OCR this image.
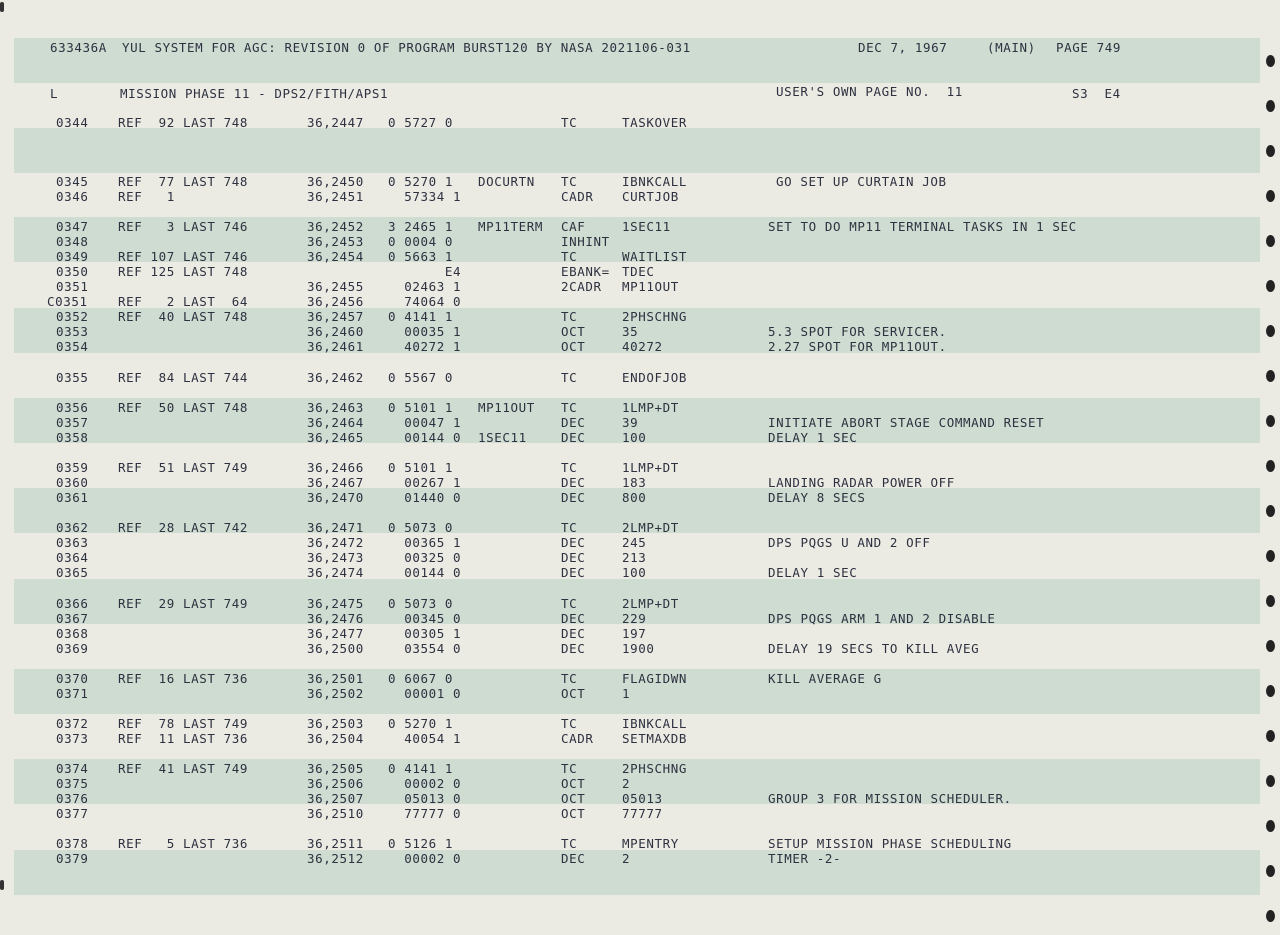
633436A YUL SYSTEM FOR AGC: REVISION 0 OF PROGRAM BURST120 BY NASA 2021106-031	DEC 7, 1967	(MAIN) PAGE 749
L	MISSION PHASE 11 - DPS2/FITH/APS1	USER'S OWN PAGE NO.  11	S3  E4
0344 REF  92 LAST 748	36,2447 0 5727 0	TC	TASKOVER
0345 REF  77 LAST 748	36,2450 0 5270 1 DOCURTN TC	IBNKCALL	GO SET UP CURTAIN JOB
0346 REF   1	36,2451 57334 1	CADR CURTJOB
0347 REF   3 LAST 746	36,2452 3 2465 1 MP11TERM CAF	1SEC11	SET TO DO MP11 TERMINAL TASKS IN 1 SEC
0348	36,2453 0 0004 0	INHINT
0349 REF 107 LAST 746	36,2454 0 5663 1	TC	WAITLIST
0350 REF 125 LAST 748	E4	EBANK= TDEC
0351	36,2455 02463 1	2CADR MP11OUT
C0351 REF   2 LAST  64	36,2456 74064 0
0352 REF  40 LAST 748	36,2457 0 4141 1	TC	2PHSCHNG
0353	36,2460 00035 1	OCT	35	5.3 SPOT FOR SERVICER.
0354	36,2461 40272 1	OCT	40272	2.27 SPOT FOR MP11OUT.
0355 REF  84 LAST 744	36,2462 0 5567 0	TC	ENDOFJOB
0356 REF  50 LAST 748	36,2463 0 5101 1 MP11OUT TC	1LMP+DT
0357	36,2464 00047 1	DEC	39	INITIATE ABORT STAGE COMMAND RESET
0358	36,2465 00144 0 1SEC11	DEC	100	DELAY 1 SEC
0359 REF  51 LAST 749	36,2466 0 5101 1	TC	1LMP+DT
0360	36,2467 00267 1	DEC	183	LANDING RADAR POWER OFF
0361	36,2470 01440 0	DEC	800	DELAY 8 SECS
0362 REF  28 LAST 742	36,2471 0 5073 0	TC	2LMP+DT
0363	36,2472 00365 1	DEC	245	DPS PQGS U AND 2 OFF
0364	36,2473 00325 0	DEC	213
0365	36,2474 00144 0	DEC	100	DELAY 1 SEC
0366 REF  29 LAST 749	36,2475 0 5073 0	TC	2LMP+DT
0367	36,2476 00345 0	DEC	229	DPS PQGS ARM 1 AND 2 DISABLE
0368	36,2477 00305 1	DEC	197
0369	36,2500 03554 0	DEC	1900	DELAY 19 SECS TO KILL AVEG
0370 REF  16 LAST 736	36,2501 0 6067 0	TC	FLAGIDWN	KILL AVERAGE G
0371	36,2502 00001 0	OCT	1
0372 REF  78 LAST 749	36,2503 0 5270 1	TC	IBNKCALL
0373 REF  11 LAST 736	36,2504 40054 1	CADR SETMAXDB
0374 REF  41 LAST 749	36,2505 0 4141 1	TC	2PHSCHNG
0375	36,2506 00002 0	OCT	2
0376	36,2507 05013 0	OCT	05013	GROUP 3 FOR MISSION SCHEDULER.
0377	36,2510 77777 0	OCT	77777
0378 REF   5 LAST 736	36,2511 0 5126 1	TC	MPENTRY	SETUP MISSION PHASE SCHEDULING
0379	36,2512 00002 0	DEC	2	TIMER -2-
